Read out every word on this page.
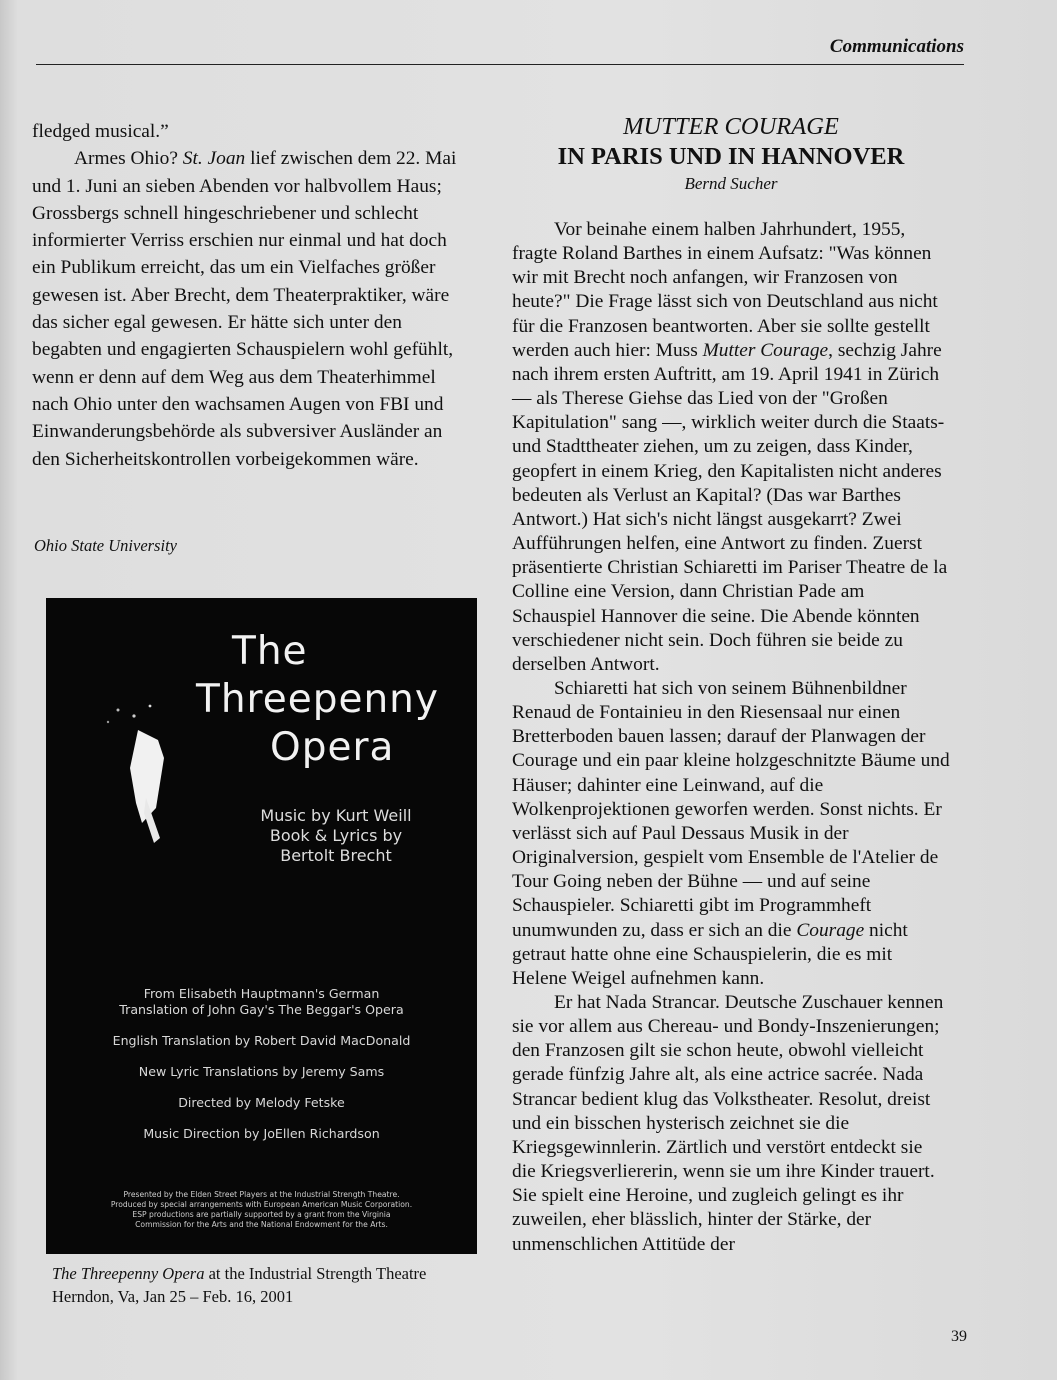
Communications

fledged musical.”

Armes Ohio? St. Joan lief zwischen dem 22. Mai und 1. Juni an sieben Abenden vor halbvollem Haus; Grossbergs schnell hingeschriebener und schlecht informierter Verriss erschien nur einmal und hat doch ein Publikum erreicht, das um ein Vielfaches größer gewesen ist. Aber Brecht, dem Theaterpraktiker, wäre das sicher egal gewesen. Er hätte sich unter den begabten und engagierten Schauspielern wohl gefühlt, wenn er denn auf dem Weg aus dem Theaterhimmel nach Ohio unter den wachsamen Augen von FBI und Einwanderungsbehörde als subversiver Ausländer an den Sicherheitskontrollen vorbeigekommen wäre.

Ohio State University
The
Threepenny
Opera
Music by Kurt Weill
Book & Lyrics by
Bertolt Brecht
From Elisabeth Hauptmann's German
Translation of John Gay's The Beggar's Opera
English Translation by Robert David MacDonald
New Lyric Translations by Jeremy Sams
Directed by Melody Fetske
Music Direction by JoEllen Richardson
Presented by the Elden Street Players at the Industrial Strength Theatre.
Produced by special arrangements with European American Music Corporation.
ESP productions are partially supported by a grant from the Virginia
Commission for the Arts and the National Endowment for the Arts.
The Threepenny Opera at the Industrial Strength Theatre
Herndon, Va, Jan 25 – Feb. 16, 2001

MUTTER COURAGE

IN PARIS UND IN HANNOVER

Bernd Sucher

Vor beinahe einem halben Jahrhundert, 1955, fragte Roland Barthes in einem Aufsatz: "Was können wir mit Brecht noch anfangen, wir Franzosen von heute?" Die Frage lässt sich von Deutschland aus nicht für die Franzosen beantworten. Aber sie sollte gestellt werden auch hier: Muss Mutter Courage, sechzig Jahre nach ihrem ersten Auftritt, am 19. April 1941 in Zürich — als Therese Giehse das Lied von der "Großen Kapitulation" sang —, wirklich weiter durch die Staats- und Stadttheater ziehen, um zu zeigen, dass Kinder, geopfert in einem Krieg, den Kapitalisten nicht anderes bedeuten als Verlust an Kapital? (Das war Barthes Antwort.) Hat sich's nicht längst ausgekarrt? Zwei Aufführungen helfen, eine Antwort zu finden. Zuerst präsentierte Christian Schiaretti im Pariser Theatre de la Colline eine Version, dann Christian Pade am Schauspiel Hannover die seine. Die Abende könnten verschiedener nicht sein. Doch führen sie beide zu derselben Antwort.

Schiaretti hat sich von seinem Bühnenbildner Renaud de Fontainieu in den Riesensaal nur einen Bretterboden bauen lassen; darauf der Planwagen der Courage und ein paar kleine holzgeschnitzte Bäume und Häuser; dahinter eine Leinwand, auf die Wolkenprojektionen geworfen werden. Sonst nichts. Er verlässt sich auf Paul Dessaus Musik in der Originalversion, gespielt vom Ensemble de l'Atelier de Tour Going neben der Bühne — und auf seine Schauspieler. Schiaretti gibt im Programmheft unumwunden zu, dass er sich an die Courage nicht getraut hatte ohne eine Schauspielerin, die es mit Helene Weigel aufnehmen kann.

Er hat Nada Strancar. Deutsche Zuschauer kennen sie vor allem aus Chereau- und Bondy-Inszenierungen; den Franzosen gilt sie schon heute, obwohl vielleicht gerade fünfzig Jahre alt, als eine actrice sacrée. Nada Strancar bedient klug das Volkstheater. Resolut, dreist und ein bisschen hysterisch zeichnet sie die Kriegsgewinnlerin. Zärtlich und verstört entdeckt sie die Kriegsverliererin, wenn sie um ihre Kinder trauert. Sie spielt eine Heroine, und zugleich gelingt es ihr zuweilen, eher blässlich, hinter der Stärke, der unmenschlichen Attitüde der

39
